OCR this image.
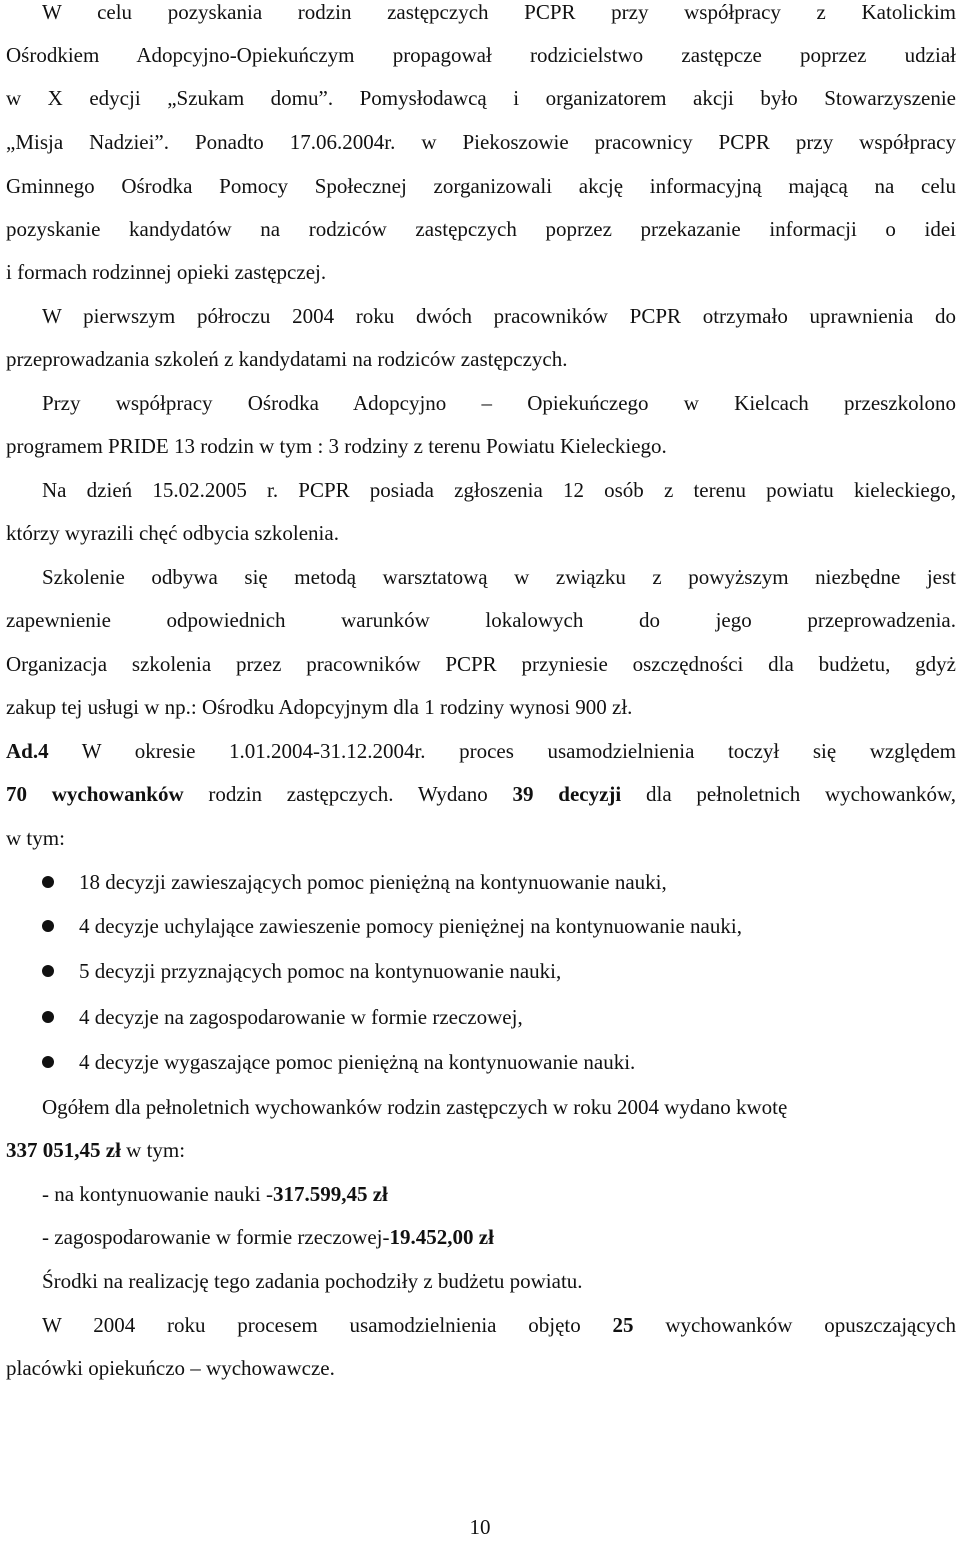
W celu pozyskania rodzin zastępczych PCPR przy współpracy z Katolickim
Ośrodkiem Adopcyjno-Opiekuńczym propagował rodzicielstwo zastępcze poprzez udział
w X edycji „Szukam domu”. Pomysłodawcą i organizatorem akcji było Stowarzyszenie
„Misja Nadziei”. Ponadto 17.06.2004r. w Piekoszowie pracownicy PCPR przy współpracy
Gminnego Ośrodka Pomocy Społecznej zorganizowali akcję informacyjną mającą na celu
pozyskanie kandydatów na rodziców zastępczych poprzez przekazanie informacji o idei
i formach rodzinnej opieki zastępczej.
W pierwszym półroczu 2004 roku dwóch pracowników PCPR otrzymało uprawnienia do
przeprowadzania szkoleń z kandydatami na rodziców zastępczych.
Przy współpracy Ośrodka Adopcyjno – Opiekuńczego w Kielcach przeszkolono
programem PRIDE 13 rodzin w tym : 3 rodziny z terenu Powiatu Kieleckiego.
Na dzień 15.02.2005 r. PCPR posiada zgłoszenia 12 osób z terenu powiatu kieleckiego,
którzy wyrazili chęć odbycia szkolenia.
Szkolenie odbywa się metodą warsztatową w związku z powyższym niezbędne jest
zapewnienie odpowiednich warunków lokalowych do jego przeprowadzenia.
Organizacja szkolenia przez pracowników PCPR przyniesie oszczędności dla budżetu, gdyż
zakup tej usługi w np.: Ośrodku Adopcyjnym dla 1 rodziny wynosi 900 zł.
Ad.4 W okresie 1.01.2004-31.12.2004r. proces usamodzielnienia toczył się względem
70 wychowanków rodzin zastępczych. Wydano 39 decyzji dla pełnoletnich wychowanków,
w tym:
18 decyzji zawieszających pomoc pieniężną na kontynuowanie nauki,
4 decyzje uchylające zawieszenie pomocy pieniężnej na kontynuowanie nauki,
5 decyzji przyznających pomoc na kontynuowanie nauki,
4 decyzje na zagospodarowanie w formie rzeczowej,
4 decyzje wygaszające pomoc pieniężną na kontynuowanie nauki.
Ogółem dla pełnoletnich wychowanków rodzin zastępczych w roku 2004 wydano kwotę
337 051,45 zł w tym:
- na kontynuowanie nauki -317.599,45 zł
- zagospodarowanie w formie rzeczowej-19.452,00 zł
Środki na realizację tego zadania pochodziły z budżetu powiatu.
W 2004 roku procesem usamodzielnienia objęto 25 wychowanków opuszczających
placówki opiekuńczo – wychowawcze.
10
